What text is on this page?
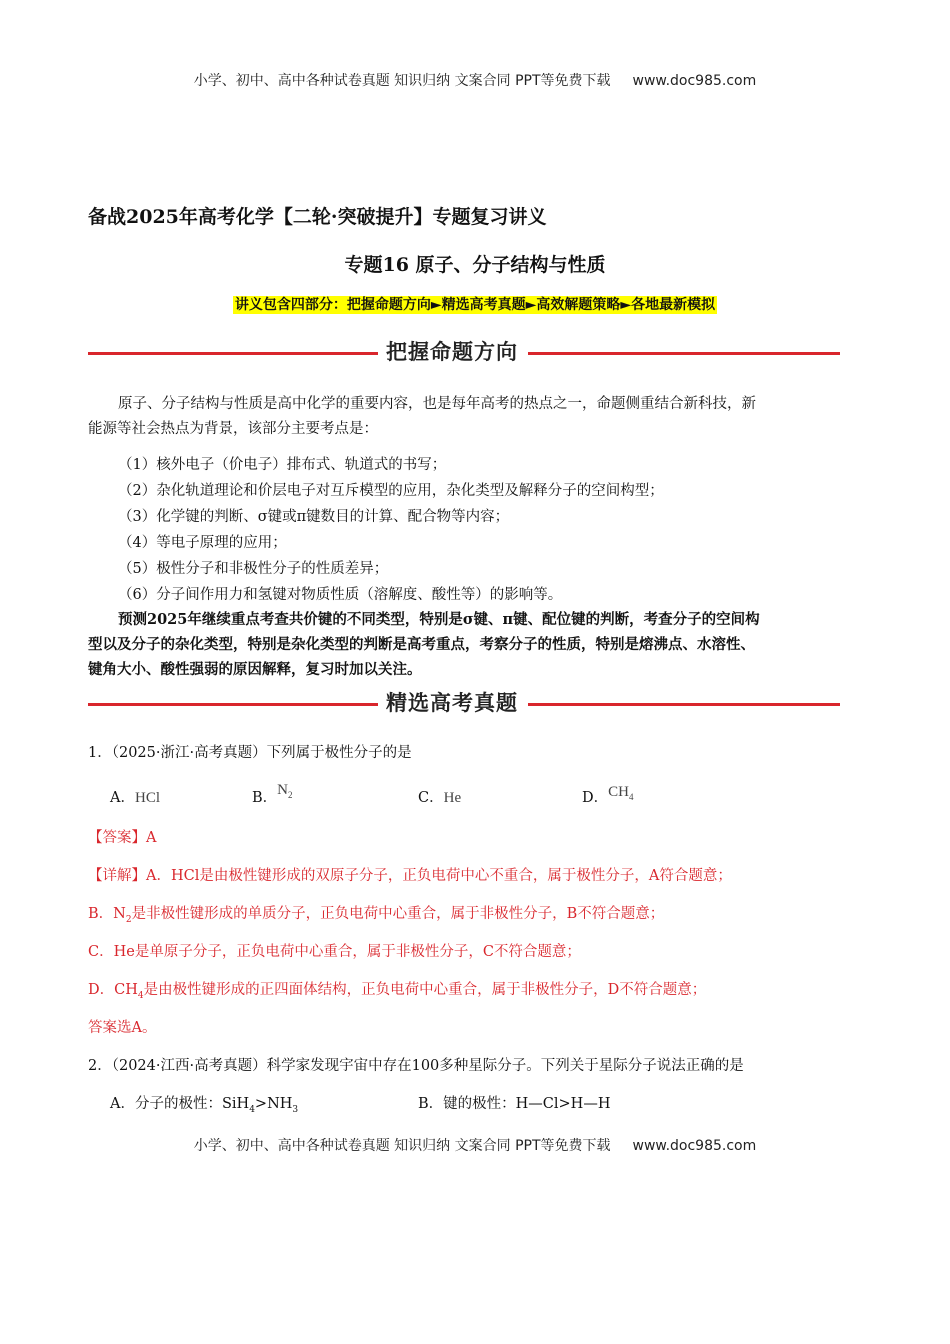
小学、初中、高中各种试卷真题 知识归纳 文案合同 PPT等免费下载 www.doc985.com
备战2025年高考化学【二轮·突破提升】专题复习讲义
专题16 原子、分子结构与性质
讲义包含四部分：把握命题方向►精选高考真题►高效解题策略►各地最新模拟
把握命题方向
原子、分子结构与性质是高中化学的重要内容，也是每年高考的热点之一，命题侧重结合新科技，新
能源等社会热点为背景，该部分主要考点是：
（1）核外电子（价电子）排布式、轨道式的书写；
（2）杂化轨道理论和价层电子对互斥模型的应用，杂化类型及解释分子的空间构型；
（3）化学键的判断、σ键或π键数目的计算、配合物等内容；
（4）等电子原理的应用；
（5）极性分子和非极性分子的性质差异；
（6）分子间作用力和氢键对物质性质（溶解度、酸性等）的影响等。
预测2025年继续重点考查共价键的不同类型，特别是σ键、π键、配位键的判断，考查分子的空间构
型以及分子的杂化类型，特别是杂化类型的判断是高考重点，考察分子的性质，特别是熔沸点、水溶性、
键角大小、酸性强弱的原因解释，复习时加以关注。
精选高考真题
1．（2025·浙江·高考真题）下列属于极性分子的是
A．HCl	B．$N_2$	C．He	D．$CH_4$
【答案】A
【详解】A．HCl是由极性键形成的双原子分子，正负电荷中心不重合，属于极性分子，A符合题意；
B．$N_2$是非极性键形成的单质分子，正负电荷中心重合，属于非极性分子，B不符合题意；
C．He是单原子分子，正负电荷中心重合，属于非极性分子，C不符合题意；
D．$CH_4$是由极性键形成的正四面体结构，正负电荷中心重合，属于非极性分子，D不符合题意；
答案选A。
2．（2024·江西·高考真题）科学家发现宇宙中存在100多种星际分子。下列关于星际分子说法正确的是
A．分子的极性：$SiH_4>NH_3$	B．键的极性：H—Cl>H—H
小学、初中、高中各种试卷真题 知识归纳 文案合同 PPT等免费下载 www.doc985.com
